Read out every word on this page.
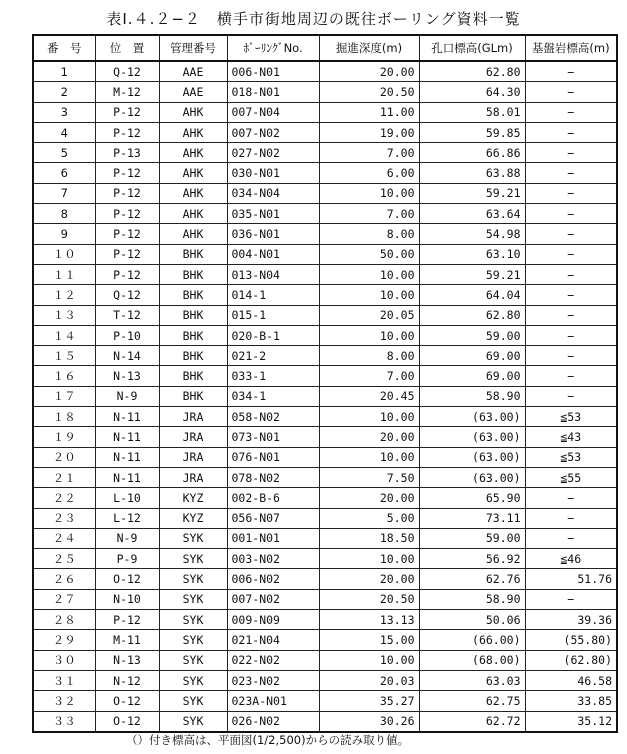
表Ⅰ.４.２−２　横手市街地周辺の既往ボーリング資料一覧
番　号	位　置	管理番号	ﾎﾞｰﾘﾝｸﾞNo.	掘進深度(m)	孔口標高(GLm)	基盤岩標高(m)
1	Q-12	AAE	006-N01	20.00	62.80	−
2	M-12	AAE	018-N01	20.50	64.30	−
3	P-12	AHK	007-N04	11.00	58.01	−
4	P-12	AHK	007-N02	19.00	59.85	−
5	P-13	AHK	027-N02	7.00	66.86	−
6	P-12	AHK	030-N01	6.00	63.88	−
7	P-12	AHK	034-N04	10.00	59.21	−
8	P-12	AHK	035-N01	7.00	63.64	−
9	P-12	AHK	036-N01	8.00	54.98	−
１０	P-12	BHK	004-N01	50.00	63.10	−
１１	P-12	BHK	013-N04	10.00	59.21	−
１２	Q-12	BHK	014-1	10.00	64.04	−
１３	T-12	BHK	015-1	20.05	62.80	−
１４	P-10	BHK	020-B-1	10.00	59.00	−
１５	N-14	BHK	021-2	8.00	69.00	−
１６	N-13	BHK	033-1	7.00	69.00	−
１７	N-9	BHK	034-1	20.45	58.90	−
１８	N-11	JRA	058-N02	10.00	(63.00)	≦53
１９	N-11	JRA	073-N01	20.00	(63.00)	≦43
２０	N-11	JRA	076-N01	10.00	(63.00)	≦53
２１	N-11	JRA	078-N02	7.50	(63.00)	≦55
２２	L-10	KYZ	002-B-6	20.00	65.90	−
２３	L-12	KYZ	056-N07	5.00	73.11	−
２４	N-9	SYK	001-N01	18.50	59.00	−
２５	P-9	SYK	003-N02	10.00	56.92	≦46
２６	O-12	SYK	006-N02	20.00	62.76	51.76
２７	N-10	SYK	007-N02	20.50	58.90	−
２８	P-12	SYK	009-N09	13.13	50.06	39.36
２９	M-11	SYK	021-N04	15.00	(66.00)	(55.80)
３０	N-13	SYK	022-N02	10.00	(68.00)	(62.80)
３１	N-12	SYK	023-N02	20.03	63.03	46.58
３２	O-12	SYK	023A-N01	35.27	62.75	33.85
３３	O-12	SYK	026-N02	30.26	62.72	35.12
（）付き標高は、平面図(1/2,500)からの読み取り値。
